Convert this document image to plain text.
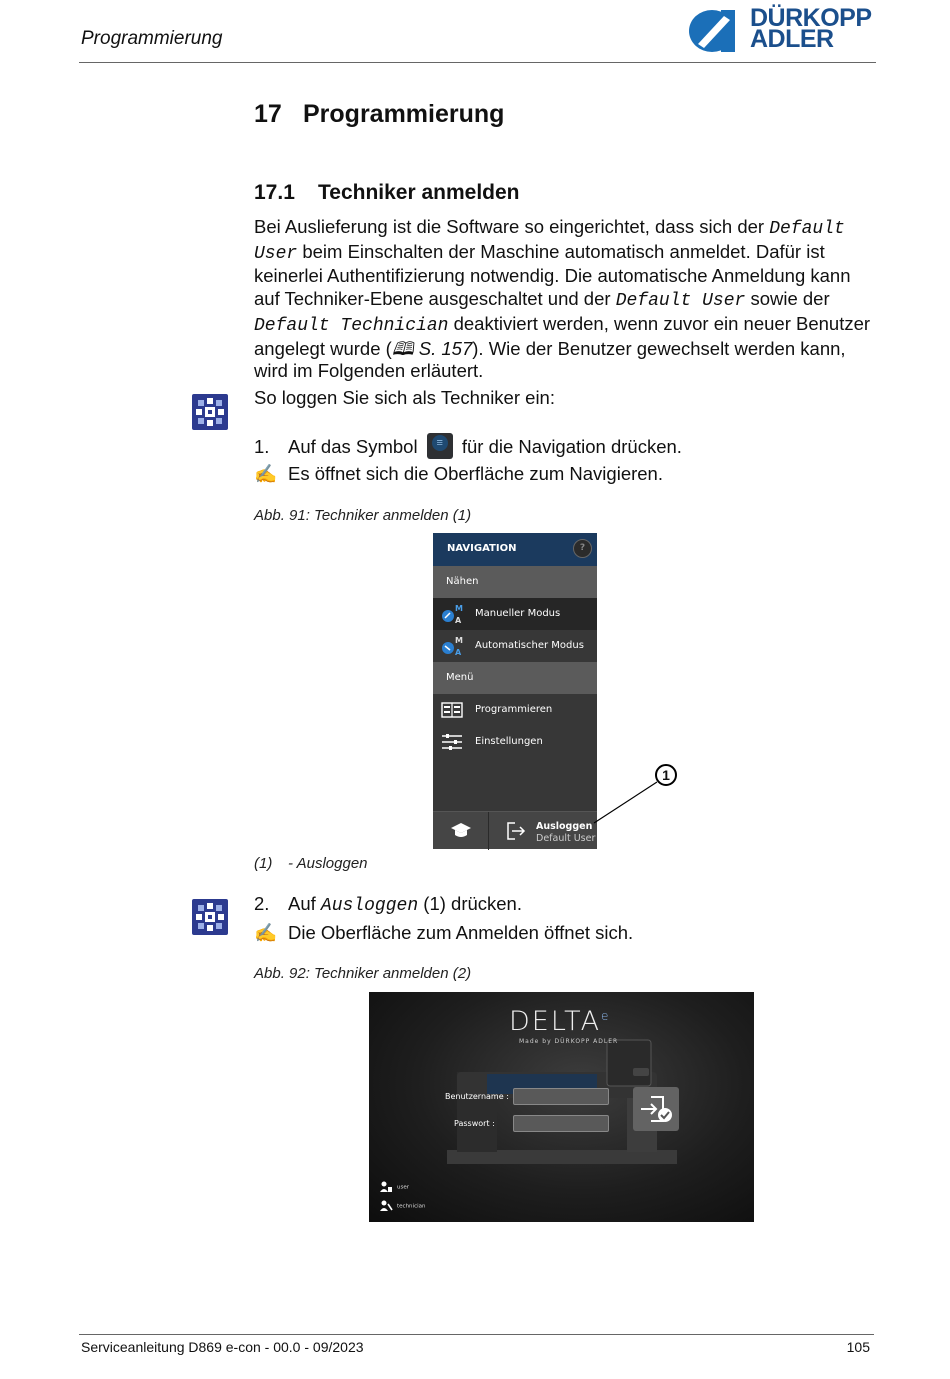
Programmierung
DÜRKOPP
ADLER
17 Programmierung
17.1 Techniker anmelden
Bei Auslieferung ist die Software so eingerichtet, dass sich der Default User beim Einschalten der Maschine automatisch anmeldet. Dafür ist keinerlei Authentifizierung notwendig. Die automatische Anmeldung kann auf Techniker-Ebene ausgeschaltet und der Default User sowie der Default Technician deaktiviert werden, wenn zuvor ein neuer Benutzer angelegt wurde (🕮 S. 157). Wie der Benutzer gewechselt werden kann, wird im Folgenden erläutert.
So loggen Sie sich als Techniker ein:
1. Auf das Symbol ≡ für die Navigation drücken.
✍ Es öffnet sich die Oberfläche zum Navigieren.
Abb. 91: Techniker anmelden (1)
NAVIGATION	?
Nähen
M
A
Manueller Modus
M
A
Automatischer Modus
Menü
Programmieren
Einstellungen
Ausloggen
Default User
1
(1) - Ausloggen
2. Auf Ausloggen (1) drücken.
✍ Die Oberfläche zum Anmelden öffnet sich.
Abb. 92: Techniker anmelden (2)
DELTA$^e$
Made by DÜRKOPP ADLER
Benutzername :
Passwort :
user
technician
Serviceanleitung D869 e-con - 00.0 - 09/2023	105
